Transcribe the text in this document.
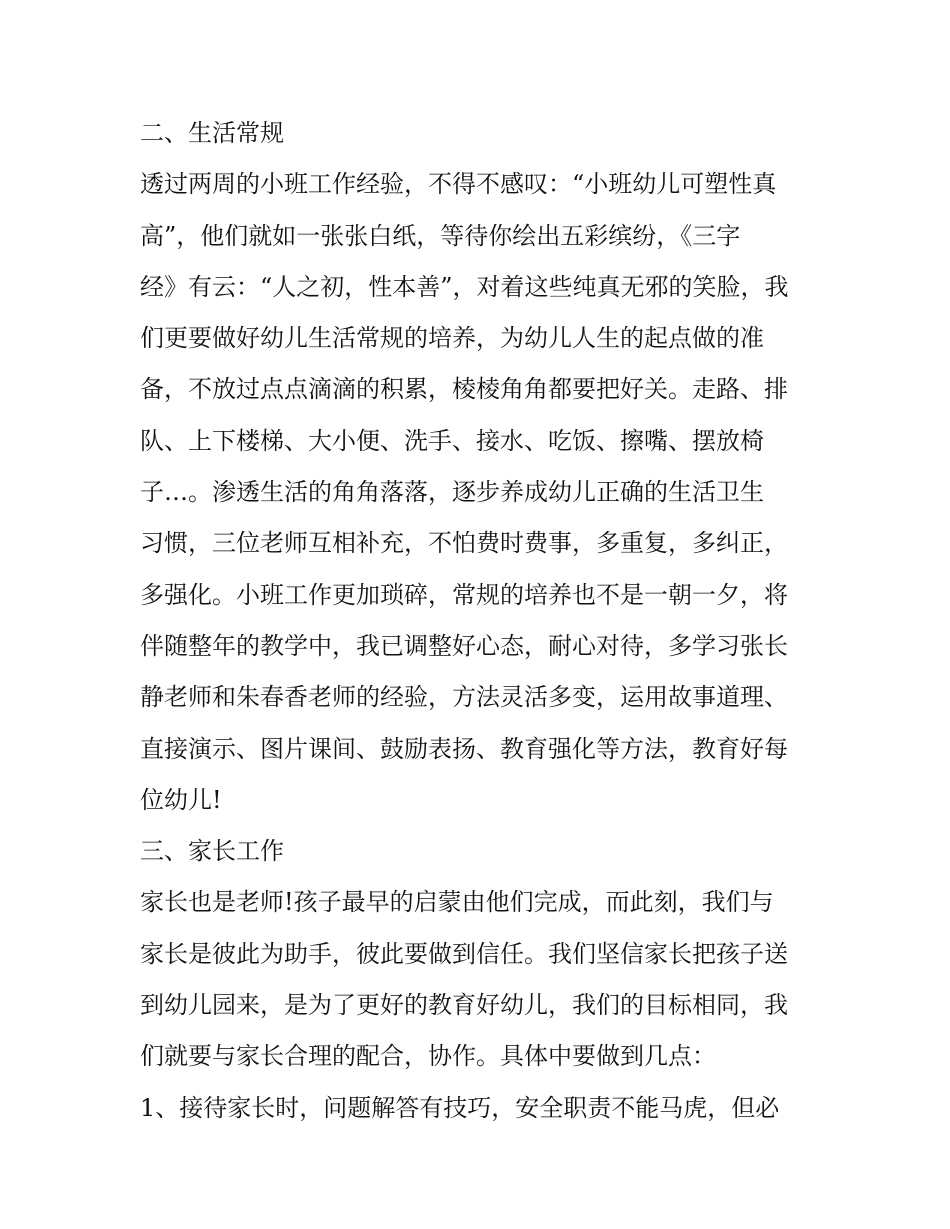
二、生活常规

透过两周的小班工作经验，不得不感叹：“小班幼儿可塑性真

高”，他们就如一张张白纸，等待你绘出五彩缤纷，《三字

经》有云：“人之初，性本善”，对着这些纯真无邪的笑脸，我

们更要做好幼儿生活常规的培养，为幼儿人生的起点做的准

备，不放过点点滴滴的积累，棱棱角角都要把好关。走路、排

队、上下楼梯、大小便、洗手、接水、吃饭、擦嘴、摆放椅

子…。渗透生活的角角落落，逐步养成幼儿正确的生活卫生

习惯，三位老师互相补充，不怕费时费事，多重复，多纠正，

多强化。小班工作更加琐碎，常规的培养也不是一朝一夕，将

伴随整年的教学中，我已调整好心态，耐心对待，多学习张长

静老师和朱春香老师的经验，方法灵活多变，运用故事道理、

直接演示、图片课间、鼓励表扬、教育强化等方法，教育好每

位幼儿!

三、家长工作

家长也是老师!孩子最早的启蒙由他们完成，而此刻，我们与

家长是彼此为助手，彼此要做到信任。我们坚信家长把孩子送

到幼儿园来，是为了更好的教育好幼儿，我们的目标相同，我

们就要与家长合理的配合，协作。具体中要做到几点：

1、接待家长时，问题解答有技巧，安全职责不能马虎，但必
